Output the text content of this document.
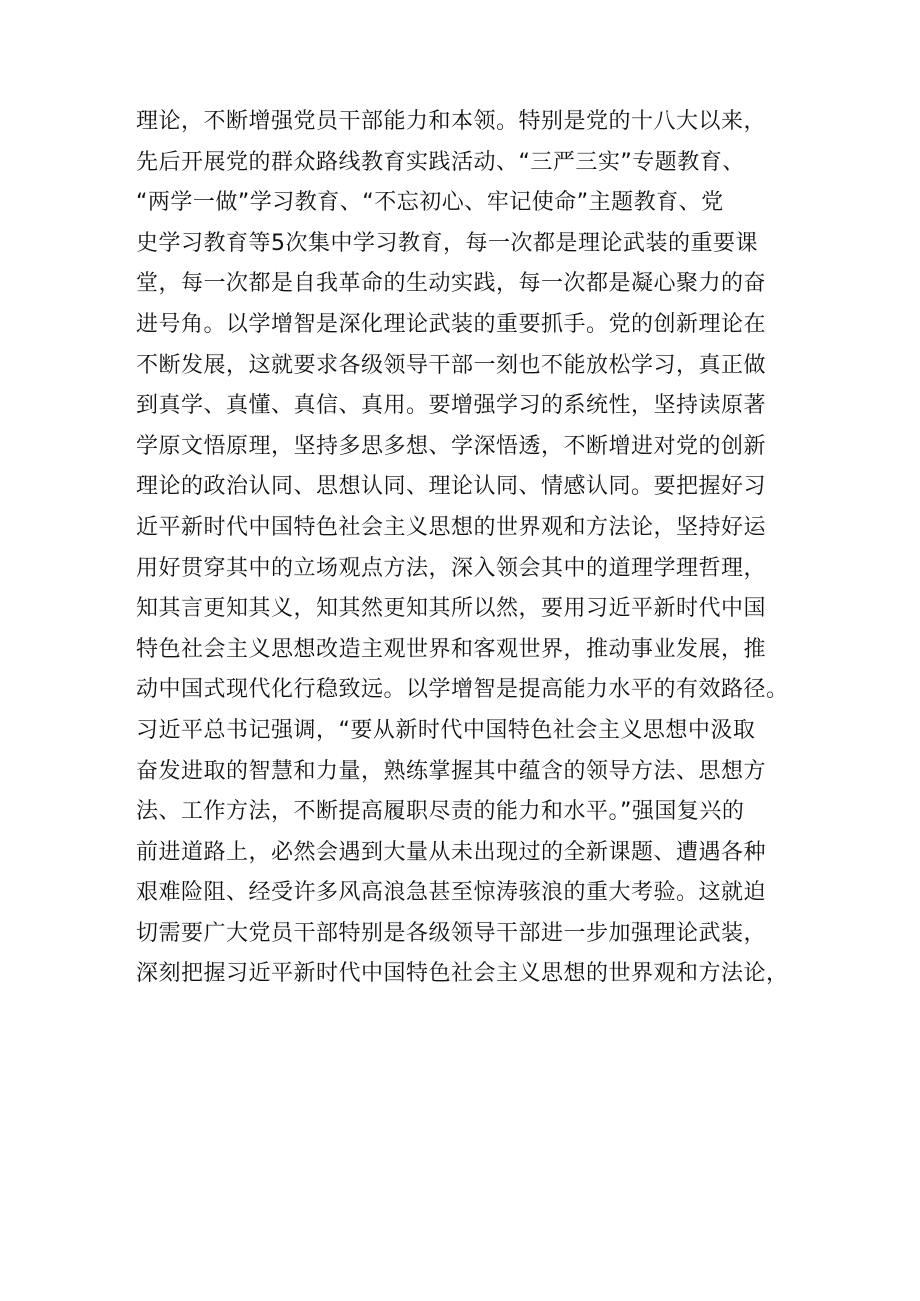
理论，不断增强党员干部能力和本领。特别是党的十八大以来，
先后开展党的群众路线教育实践活动、“三严三实”专题教育、
“两学一做”学习教育、“不忘初心、牢记使命”主题教育、党
史学习教育等5次集中学习教育，每一次都是理论武装的重要课
堂，每一次都是自我革命的生动实践，每一次都是凝心聚力的奋
进号角。以学增智是深化理论武装的重要抓手。党的创新理论在
不断发展，这就要求各级领导干部一刻也不能放松学习，真正做
到真学、真懂、真信、真用。要增强学习的系统性，坚持读原著
学原文悟原理，坚持多思多想、学深悟透，不断增进对党的创新
理论的政治认同、思想认同、理论认同、情感认同。要把握好习
近平新时代中国特色社会主义思想的世界观和方法论，坚持好运
用好贯穿其中的立场观点方法，深入领会其中的道理学理哲理，
知其言更知其义，知其然更知其所以然，要用习近平新时代中国
特色社会主义思想改造主观世界和客观世界，推动事业发展，推
动中国式现代化行稳致远。以学增智是提高能力水平的有效路径。
习近平总书记强调，“要从新时代中国特色社会主义思想中汲取
奋发进取的智慧和力量，熟练掌握其中蕴含的领导方法、思想方
法、工作方法，不断提高履职尽责的能力和水平。”强国复兴的
前进道路上，必然会遇到大量从未出现过的全新课题、遭遇各种
艰难险阻、经受许多风高浪急甚至惊涛骇浪的重大考验。这就迫
切需要广大党员干部特别是各级领导干部进一步加强理论武装，
深刻把握习近平新时代中国特色社会主义思想的世界观和方法论，
